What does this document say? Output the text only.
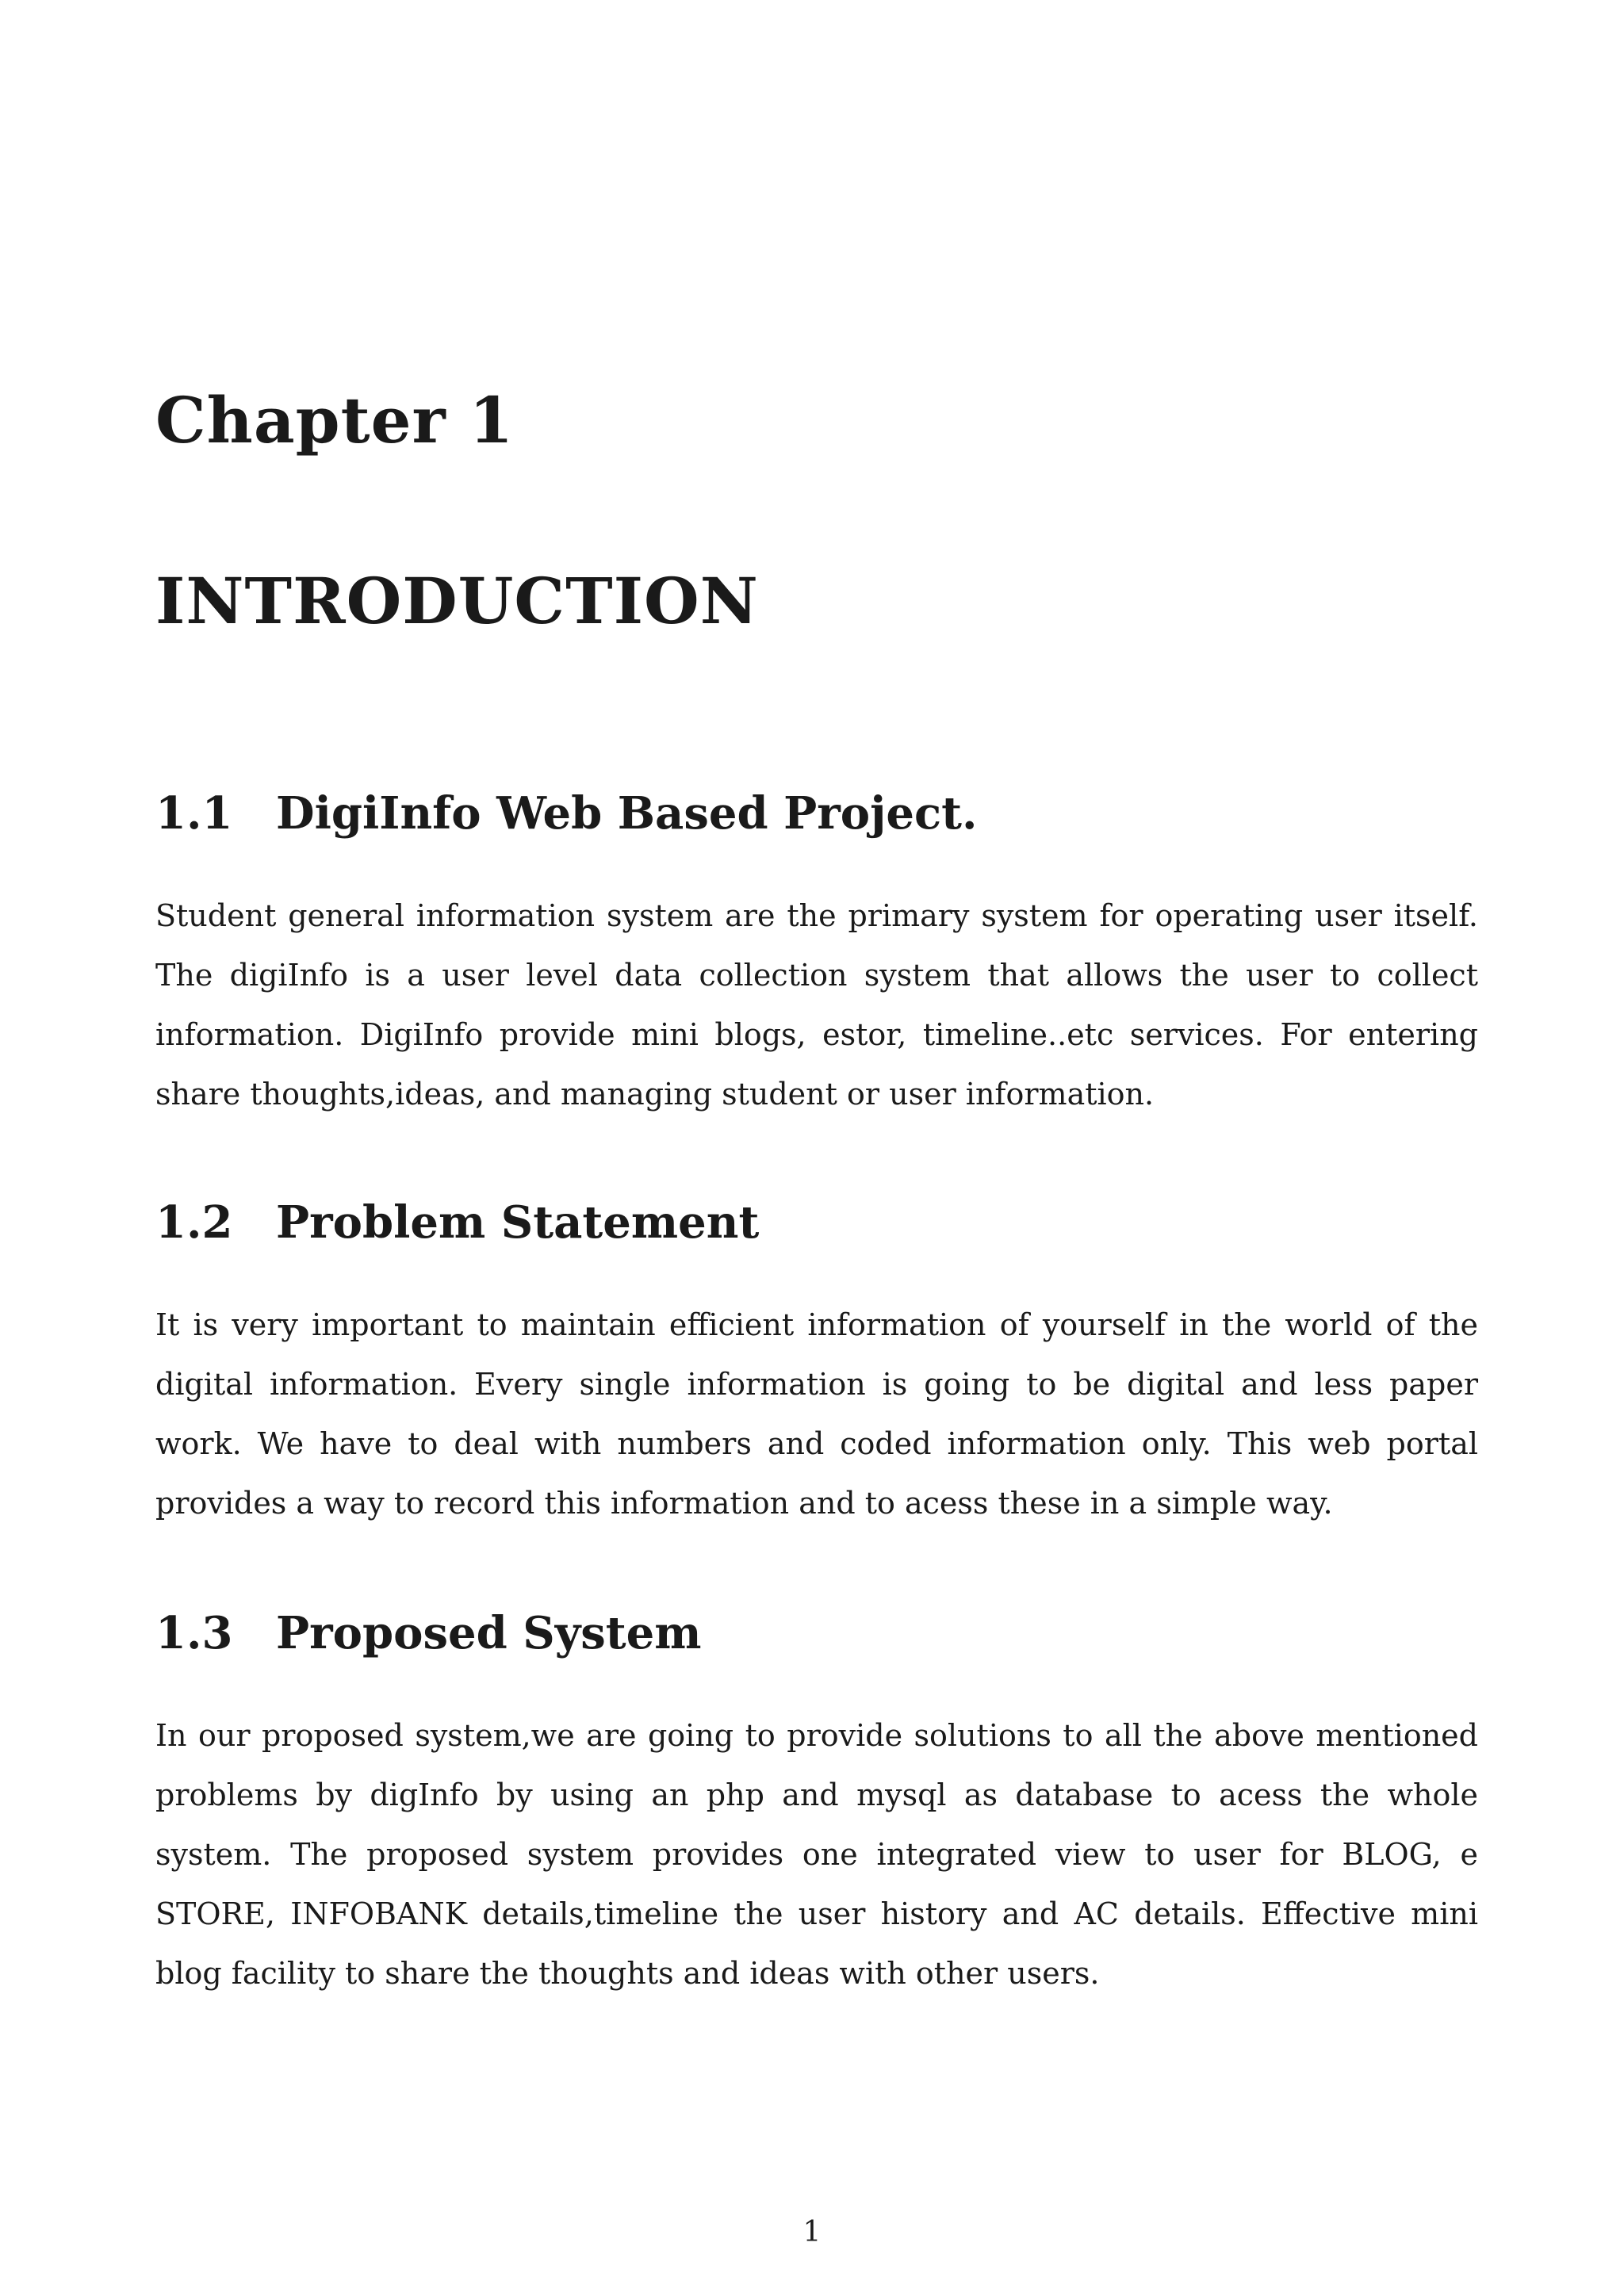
Chapter 1
INTRODUCTION
1.1 DigiInfo Web Based Project.

Student general information system are the primary system for operating user itself. The digiInfo is a user level data collection system that allows the user to collect information. DigiInfo provide mini blogs, estor, timeline..etc services. For entering share thoughts,ideas, and managing student or user information.

1.2 Problem Statement

It is very important to maintain efficient information of yourself in the world of the digital information. Every single information is going to be digital and less paper work. We have to deal with numbers and coded information only. This web portal provides a way to record this information and to acess these in a simple way.

1.3 Proposed System

In our proposed system,we are going to provide solutions to all the above mentioned problems by digInfo by using an php and mysql as database to acess the whole system. The proposed system provides one integrated view to user for BLOG, e STORE, INFOBANK details,timeline the user history and AC details. Effective mini blog facility to share the thoughts and ideas with other users.

1
